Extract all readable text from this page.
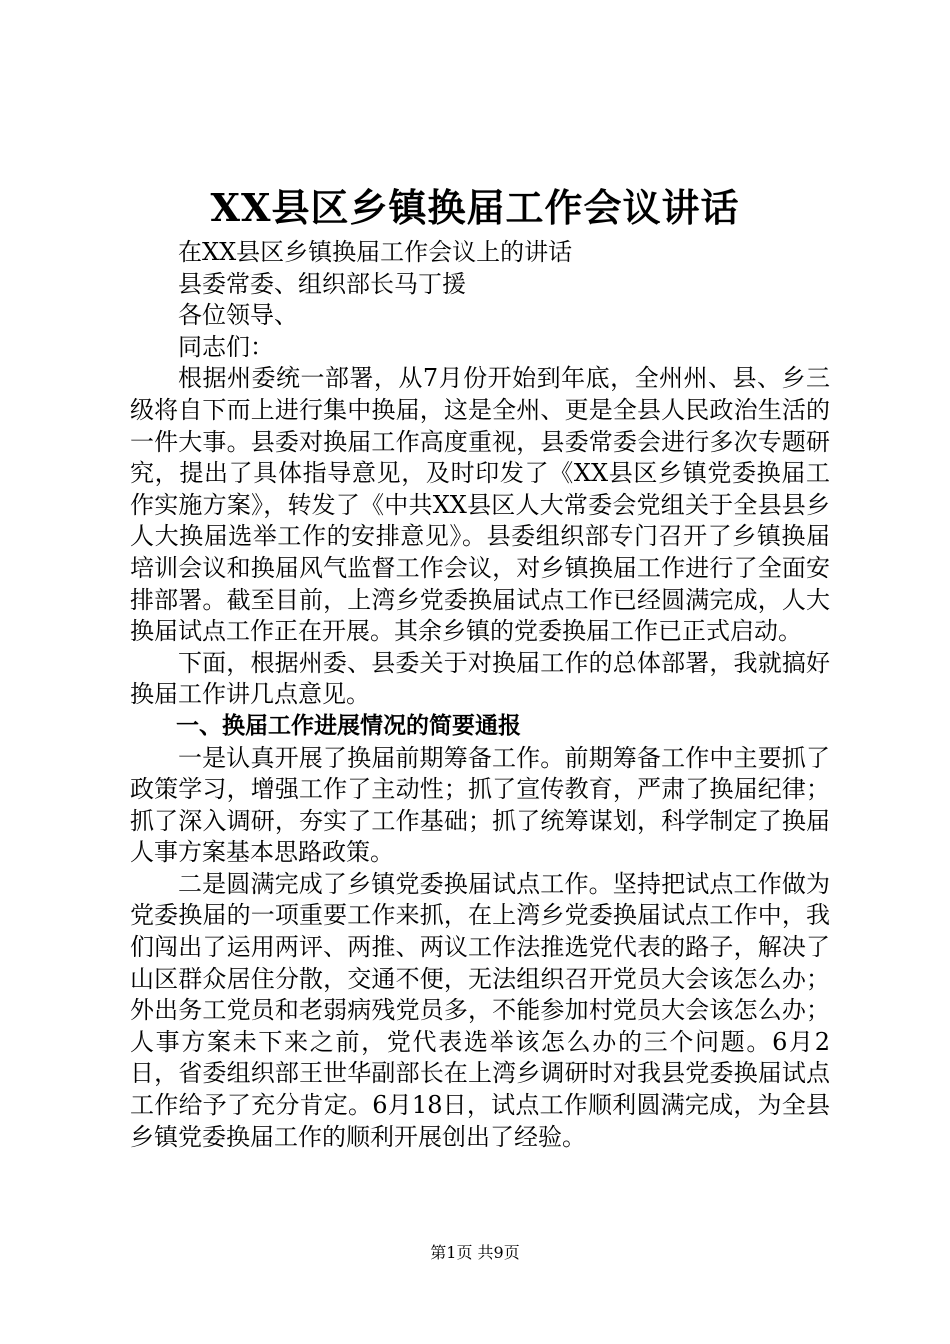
XX县区乡镇换届工作会议讲话

在XX县区乡镇换届工作会议上的讲话

县委常委、组织部长马丁援

各位领导、

同志们：

根据州委统一部署，从7月份开始到年底，全州州、县、乡三级将自下而上进行集中换届，这是全州、更是全县人民政治生活的一件大事。县委对换届工作高度重视，县委常委会进行多次专题研究，提出了具体指导意见，及时印发了《XX县区乡镇党委换届工作实施方案》，转发了《中共XX县区人大常委会党组关于全县县乡人大换届选举工作的安排意见》。县委组织部专门召开了乡镇换届培训会议和换届风气监督工作会议，对乡镇换届工作进行了全面安排部署。截至目前，上湾乡党委换届试点工作已经圆满完成，人大换届试点工作正在开展。其余乡镇的党委换届工作已正式启动。

下面，根据州委、县委关于对换届工作的总体部署，我就搞好换届工作讲几点意见。

一、换届工作进展情况的简要通报

一是认真开展了换届前期筹备工作。前期筹备工作中主要抓了政策学习，增强工作了主动性；抓了宣传教育，严肃了换届纪律；抓了深入调研，夯实了工作基础；抓了统筹谋划，科学制定了换届人事方案基本思路政策。

二是圆满完成了乡镇党委换届试点工作。坚持把试点工作做为党委换届的一项重要工作来抓，在上湾乡党委换届试点工作中，我们闯出了运用两评、两推、两议工作法推选党代表的路子，解决了山区群众居住分散，交通不便，无法组织召开党员大会该怎么办；外出务工党员和老弱病残党员多，不能参加村党员大会该怎么办；人事方案未下来之前，党代表选举该怎么办的三个问题。6月2日，省委组织部王世华副部长在上湾乡调研时对我县党委换届试点工作给予了充分肯定。6月18日，试点工作顺利圆满完成，为全县乡镇党委换届工作的顺利开展创出了经验。

第1页 共9页
